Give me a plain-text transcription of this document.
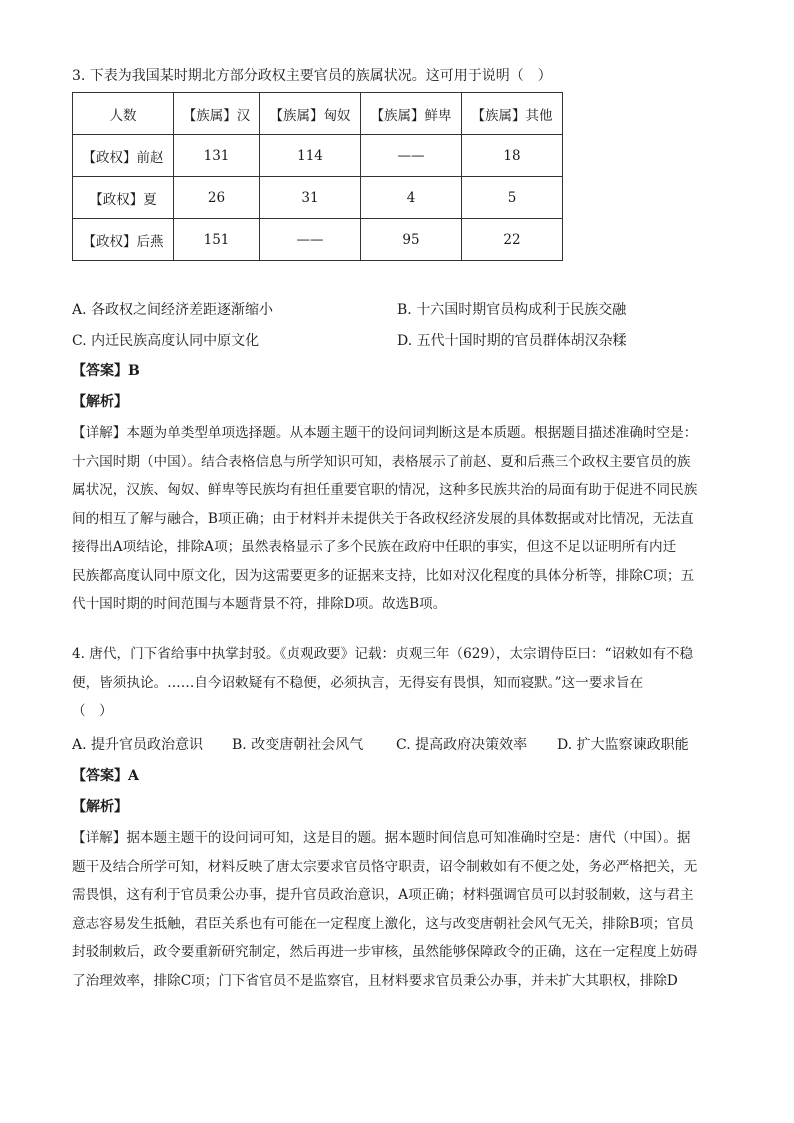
3. 下表为我国某时期北方部分政权主要官员的族属状况。这可用于说明（　）
人数	【族属】汉	【族属】匈奴	【族属】鲜卑	【族属】其他
【政权】前赵	131	114	——	18
【政权】夏	26	31	4	5
【政权】后燕	151	——	95	22
A. 各政权之间经济差距逐渐缩小	B. 十六国时期官员构成利于民族交融
C. 内迁民族高度认同中原文化	D. 五代十国时期的官员群体胡汉杂糅
【答案】B
【解析】
【详解】本题为单类型单项选择题。从本题主题干的设问词判断这是本质题。根据题目描述准确时空是：
十六国时期（中国）。结合表格信息与所学知识可知，表格展示了前赵、夏和后燕三个政权主要官员的族
属状况，汉族、匈奴、鲜卑等民族均有担任重要官职的情况，这种多民族共治的局面有助于促进不同民族
间的相互了解与融合，B项正确；由于材料并未提供关于各政权经济发展的具体数据或对比情况，无法直
接得出A项结论，排除A项；虽然表格显示了多个民族在政府中任职的事实，但这不足以证明所有内迁
民族都高度认同中原文化，因为这需要更多的证据来支持，比如对汉化程度的具体分析等，排除C项；五
代十国时期的时间范围与本题背景不符，排除D项。故选B项。
4. 唐代，门下省给事中执掌封驳。《贞观政要》记载：贞观三年（629），太宗谓侍臣曰：“诏敕如有不稳
便，皆须执论。……自今诏敕疑有不稳便，必须执言，无得妄有畏惧，知而寝默。”这一要求旨在
（　）
A. 提升官员政治意识 B. 改变唐朝社会风气 C. 提高政府决策效率 D. 扩大监察谏政职能
【答案】A
【解析】
【详解】据本题主题干的设问词可知，这是目的题。据本题时间信息可知准确时空是：唐代（中国）。据
题干及结合所学可知，材料反映了唐太宗要求官员恪守职责，诏令制敕如有不便之处，务必严格把关，无
需畏惧，这有利于官员秉公办事，提升官员政治意识，A项正确；材料强调官员可以封驳制敕，这与君主
意志容易发生抵触，君臣关系也有可能在一定程度上激化，这与改变唐朝社会风气无关，排除B项；官员
封驳制敕后，政令要重新研究制定，然后再进一步审核，虽然能够保障政令的正确，这在一定程度上妨碍
了治理效率，排除C项；门下省官员不是监察官，且材料要求官员秉公办事，并未扩大其职权，排除D
